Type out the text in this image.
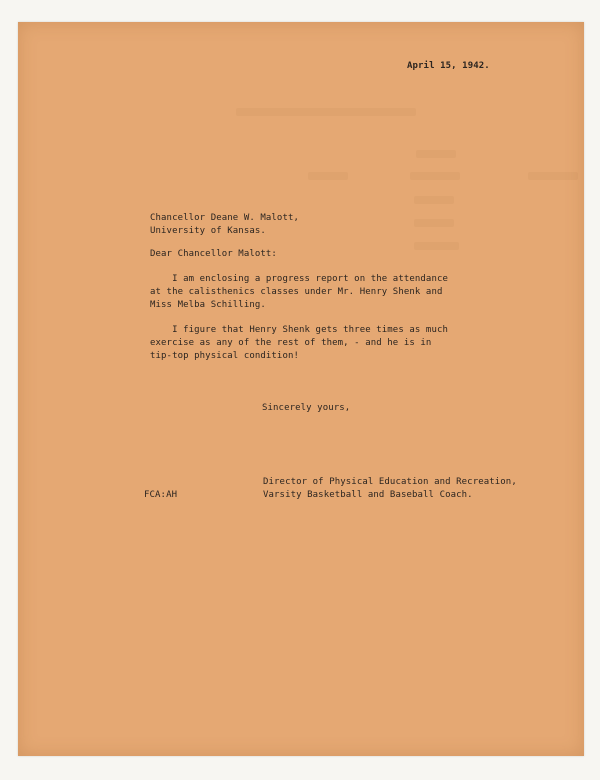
April 15, 1942.
Chancellor Deane W. Malott,
University of Kansas.
Dear Chancellor Malott:
I am enclosing a progress report on the attendance
at the calisthenics classes under Mr. Henry Shenk and
Miss Melba Schilling.
I figure that Henry Shenk gets three times as much
exercise as any of the rest of them, - and he is in
tip-top physical condition!
Sincerely yours,
FCA:AH
Director of Physical Education and Recreation,
Varsity Basketball and Baseball Coach.
